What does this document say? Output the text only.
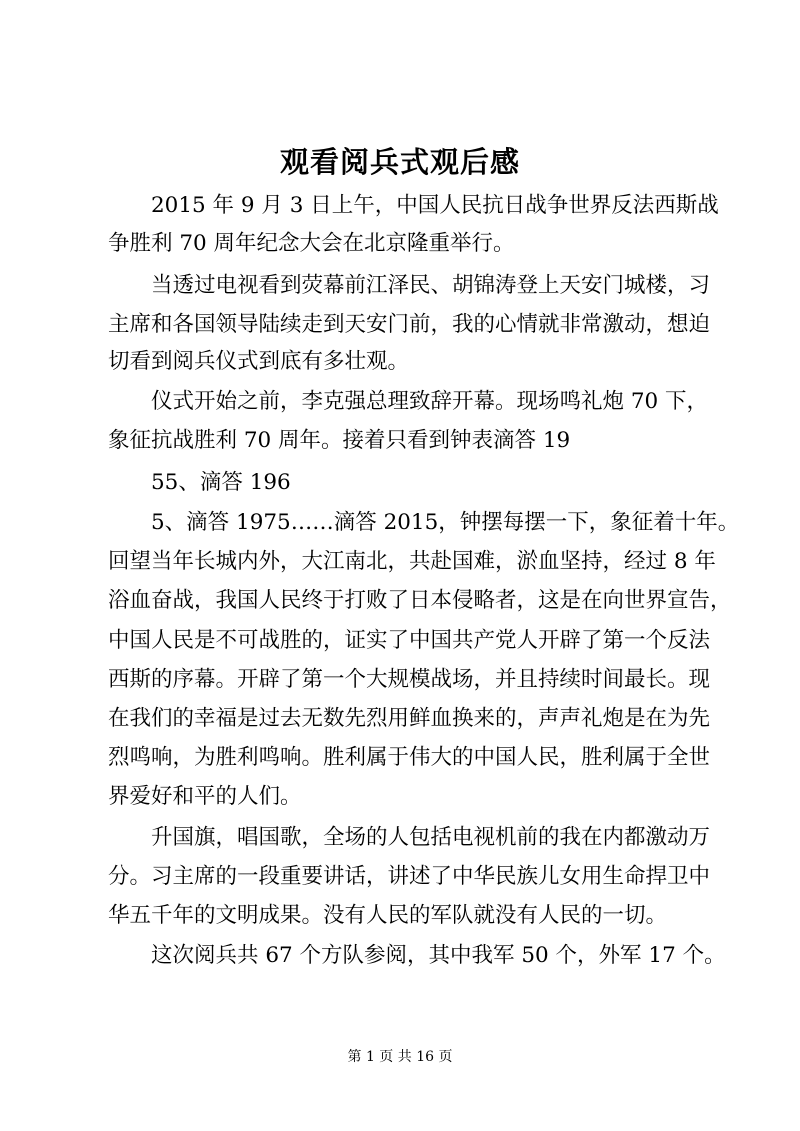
观看阅兵式观后感
　　2015 年 9 月 3 日上午，中国人民抗日战争世界反法西斯战
争胜利 70 周年纪念大会在北京隆重举行。
　　当透过电视看到荧幕前江泽民、胡锦涛登上天安门城楼，习
主席和各国领导陆续走到天安门前，我的心情就非常激动，想迫
切看到阅兵仪式到底有多壮观。
　　仪式开始之前，李克强总理致辞开幕。现场鸣礼炮 70 下，
象征抗战胜利 70 周年。接着只看到钟表滴答 19
　　55、滴答 196
　　5、滴答 1975……滴答 2015，钟摆每摆一下，象征着十年。
回望当年长城内外，大江南北，共赴国难，淤血坚持，经过 8 年
浴血奋战，我国人民终于打败了日本侵略者，这是在向世界宣告，
中国人民是不可战胜的，证实了中国共产党人开辟了第一个反法
西斯的序幕。开辟了第一个大规模战场，并且持续时间最长。现
在我们的幸福是过去无数先烈用鲜血换来的，声声礼炮是在为先
烈鸣响，为胜利鸣响。胜利属于伟大的中国人民，胜利属于全世
界爱好和平的人们。
　　升国旗，唱国歌，全场的人包括电视机前的我在内都激动万
分。习主席的一段重要讲话，讲述了中华民族儿女用生命捍卫中
华五千年的文明成果。没有人民的军队就没有人民的一切。
　　这次阅兵共 67 个方队参阅，其中我军 50 个，外军 17 个。
第 1 页 共 16 页
